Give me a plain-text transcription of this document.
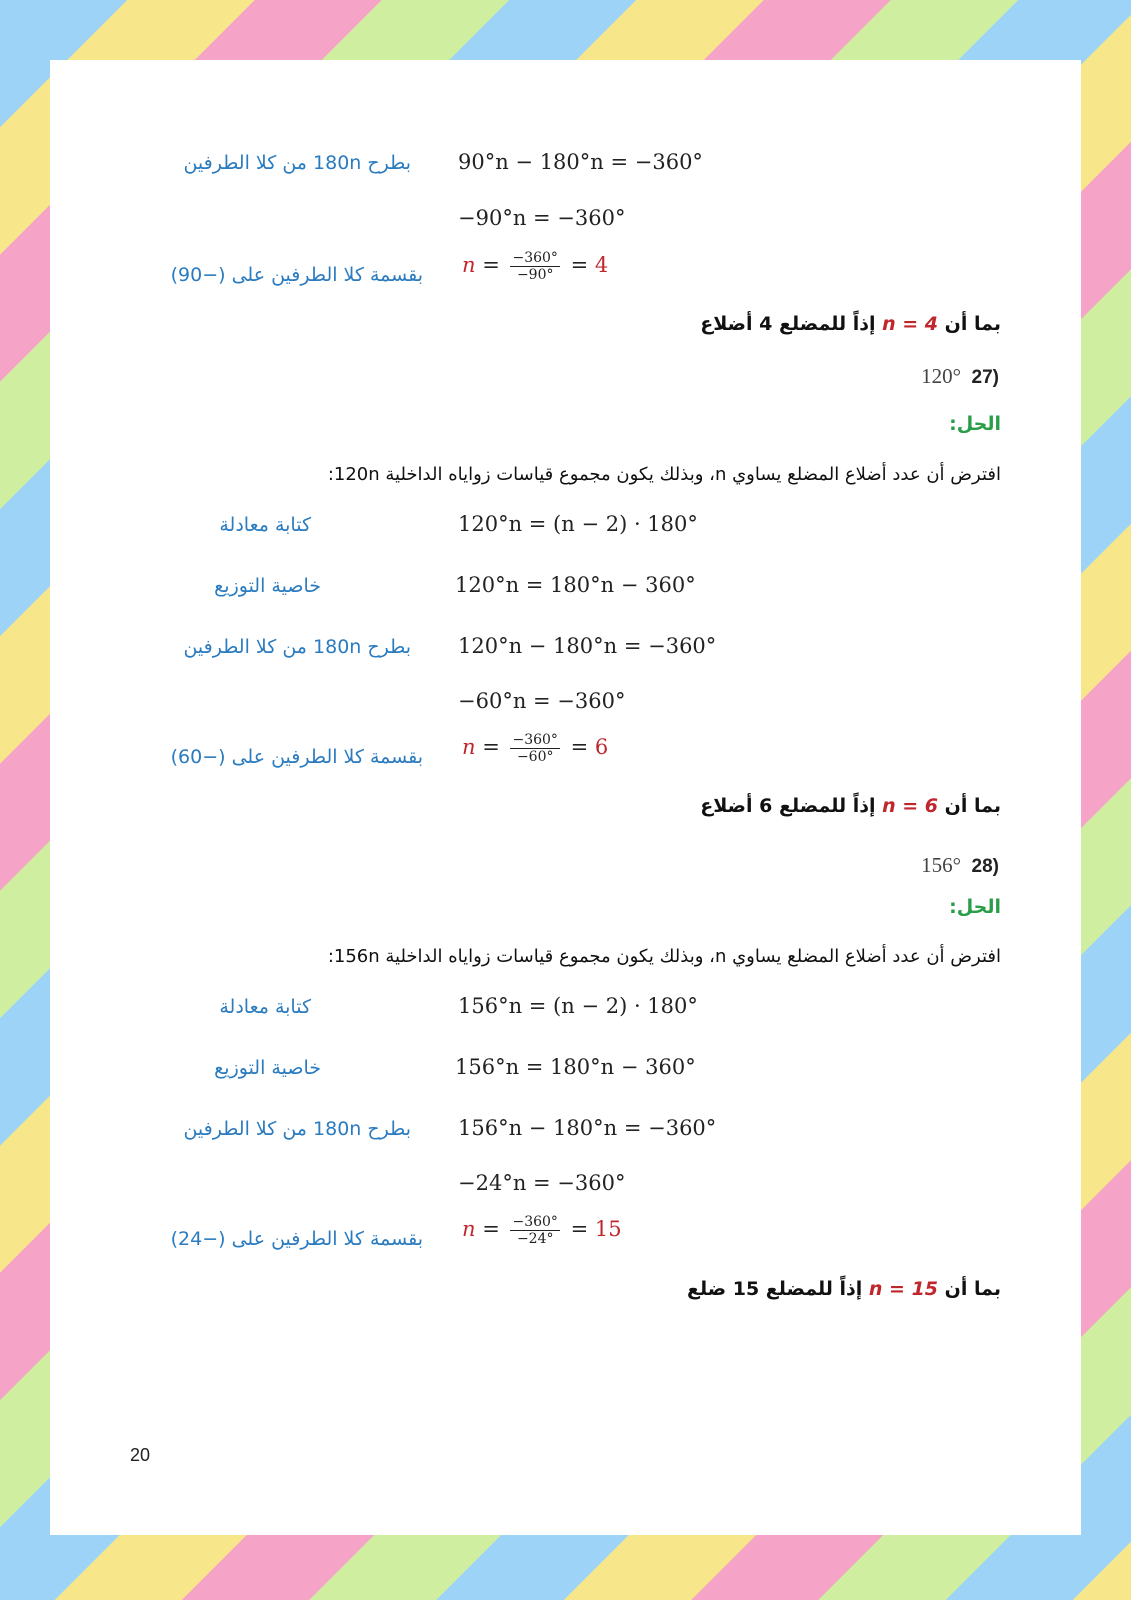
بطرح 180n من كلا الطرفين 90°n − 180°n = −360°
−90°n = −360°
بقسمة كلا الطرفين على (−90) $n = \frac{-360^\circ}{-90^\circ} = 4$
بما أن n = 4 إذاً للمضلع 4 أضلاع
120° 27)
الحل:
افترض أن عدد أضلاع المضلع يساوي n، وبذلك يكون مجموع قياسات زواياه الداخلية 120n:
كتابة معادلة	120°n = (n − 2) · 180°
خاصية التوزيع	120°n = 180°n − 360°
بطرح 180n من كلا الطرفين 120°n − 180°n = −360°
−60°n = −360°
بقسمة كلا الطرفين على (−60) $n = \frac{-360^\circ}{-60^\circ} = 6$
بما أن n = 6 إذاً للمضلع 6 أضلاع
156° 28)
الحل:
افترض أن عدد أضلاع المضلع يساوي n، وبذلك يكون مجموع قياسات زواياه الداخلية 156n:
كتابة معادلة	156°n = (n − 2) · 180°
خاصية التوزيع	156°n = 180°n − 360°
بطرح 180n من كلا الطرفين 156°n − 180°n = −360°
−24°n = −360°
بقسمة كلا الطرفين على (−24) $n = \frac{-360^\circ}{-24^\circ} = 15$
بما أن n = 15 إذاً للمضلع 15 ضلع
20
